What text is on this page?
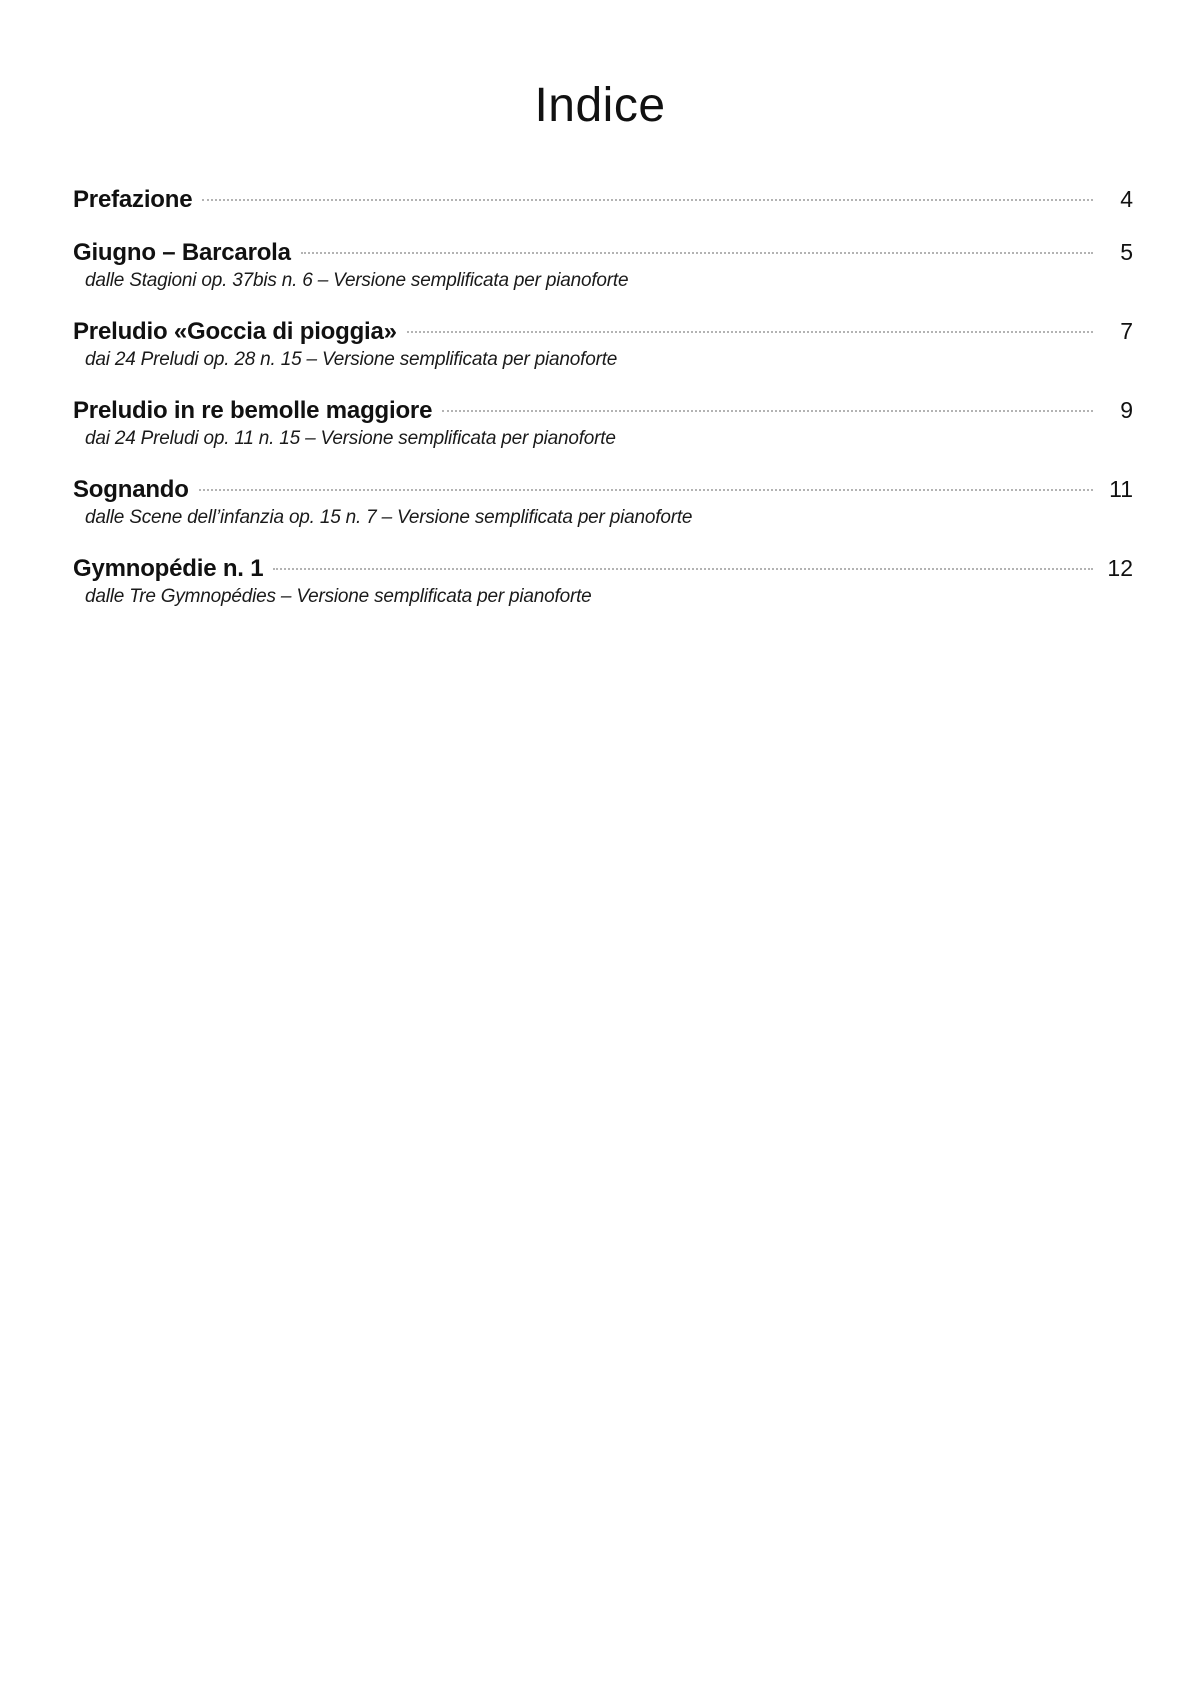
Indice
Prefazione	4
Giugno – Barcarola	5
dalle Stagioni op. 37bis n. 6 – Versione semplificata per pianoforte
Preludio «Goccia di pioggia»	7
dai 24 Preludi op. 28 n. 15 – Versione semplificata per pianoforte
Preludio in re bemolle maggiore	9
dai 24 Preludi op. 11 n. 15 – Versione semplificata per pianoforte
Sognando	11
dalle Scene dell’infanzia op. 15 n. 7 – Versione semplificata per pianoforte
Gymnopédie n. 1	12
dalle Tre Gymnopédies – Versione semplificata per pianoforte
